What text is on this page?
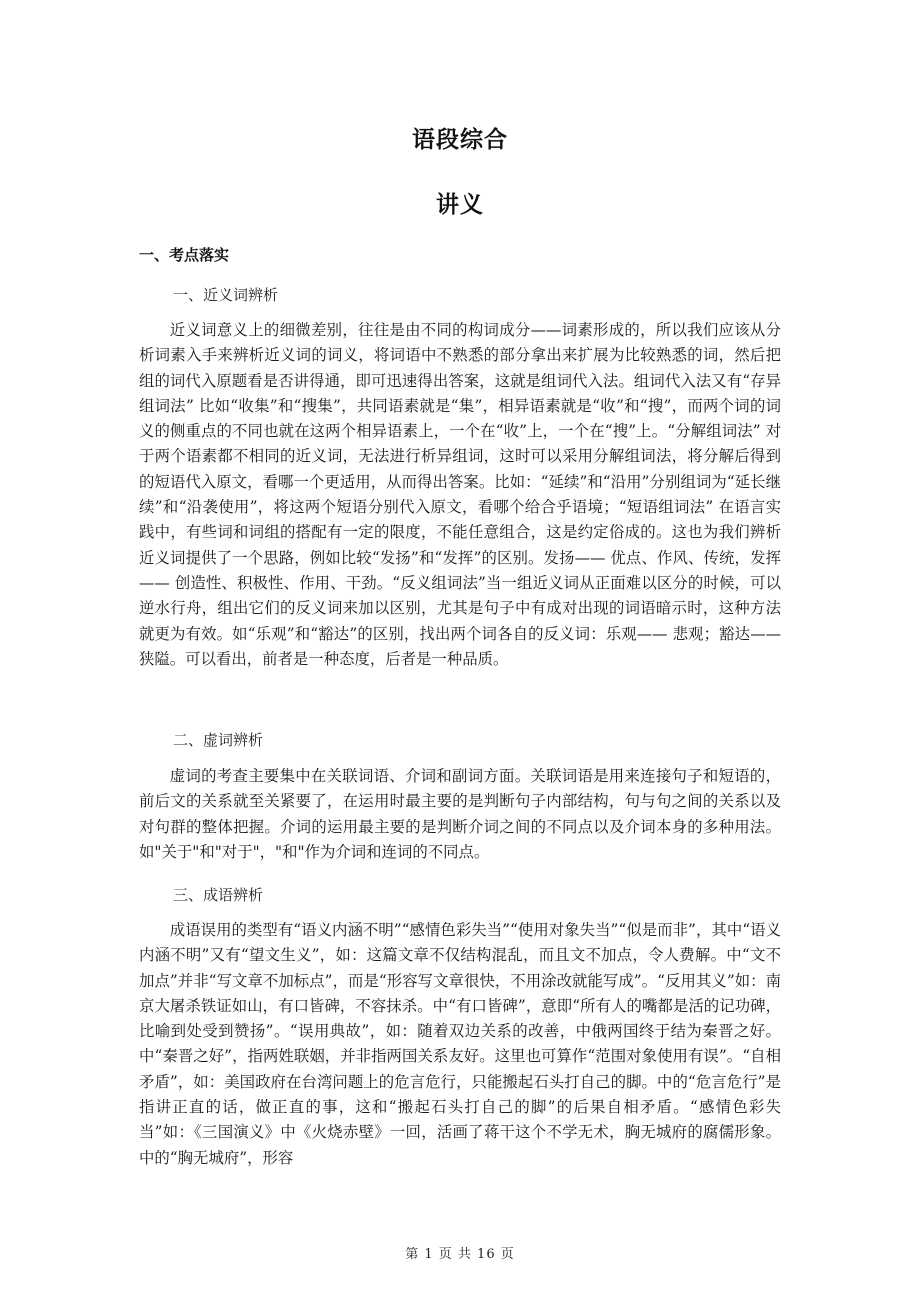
语段综合
讲义
一、考点落实
一、近义词辨析

近义词意义上的细微差别，往往是由不同的构词成分——词素形成的，所以我们应该从分析词素入手来辨析近义词的词义，将词语中不熟悉的部分拿出来扩展为比较熟悉的词，然后把组的词代入原题看是否讲得通，即可迅速得出答案，这就是组词代入法。组词代入法又有“存异组词法” 比如“收集”和“搜集”，共同语素就是“集”，相异语素就是“收”和“搜”，而两个词的词义的侧重点的不同也就在这两个相异语素上，一个在“收”上，一个在“搜”上。“分解组词法” 对于两个语素都不相同的近义词，无法进行析异组词，这时可以采用分解组词法，将分解后得到的短语代入原文，看哪一个更适用，从而得出答案。比如：“延续”和“沿用”分别组词为“延长继续”和“沿袭使用”，将这两个短语分别代入原文，看哪个给合乎语境；“短语组词法” 在语言实践中，有些词和词组的搭配有一定的限度，不能任意组合，这是约定俗成的。这也为我们辨析近义词提供了一个思路，例如比较“发扬”和“发挥”的区别。发扬—— 优点、作风、传统，发挥—— 创造性、积极性、作用、干劲。“反义组词法”当一组近义词从正面难以区分的时候，可以逆水行舟，组出它们的反义词来加以区别，尤其是句子中有成对出现的词语暗示时，这种方法就更为有效。如“乐观”和“豁达”的区别，找出两个词各自的反义词：乐观—— 悲观；豁达——狭隘。可以看出，前者是一种态度，后者是一种品质。

二、虚词辨析

虚词的考查主要集中在关联词语、介词和副词方面。关联词语是用来连接句子和短语的，前后文的关系就至关紧要了，在运用时最主要的是判断句子内部结构，句与句之间的关系以及对句群的整体把握。介词的运用最主要的是判断介词之间的不同点以及介词本身的多种用法。如"关于"和"对于"，"和"作为介词和连词的不同点。

三、成语辨析

成语误用的类型有“语义内涵不明”“感情色彩失当”“使用对象失当”“似是而非”，其中“语义内涵不明”又有“望文生义”，如：这篇文章不仅结构混乱，而且文不加点，令人费解。中“文不加点”并非“写文章不加标点”，而是“形容写文章很快，不用涂改就能写成”。“反用其义”如：南京大屠杀铁证如山，有口皆碑，不容抹杀。中“有口皆碑”，意即“所有人的嘴都是活的记功碑，比喻到处受到赞扬”。“误用典故”，如：随着双边关系的改善，中俄两国终于结为秦晋之好。中“秦晋之好”，指两姓联姻，并非指两国关系友好。这里也可算作“范围对象使用有误”。“自相矛盾”，如：美国政府在台湾问题上的危言危行，只能搬起石头打自己的脚。中的“危言危行”是指讲正直的话，做正直的事，这和“搬起石头打自己的脚”的后果自相矛盾。“感情色彩失当”如：《三国演义》中《火烧赤壁》一回，活画了蒋干这个不学无术，胸无城府的腐儒形象。中的“胸无城府”，形容

第 1 页 共 16 页
